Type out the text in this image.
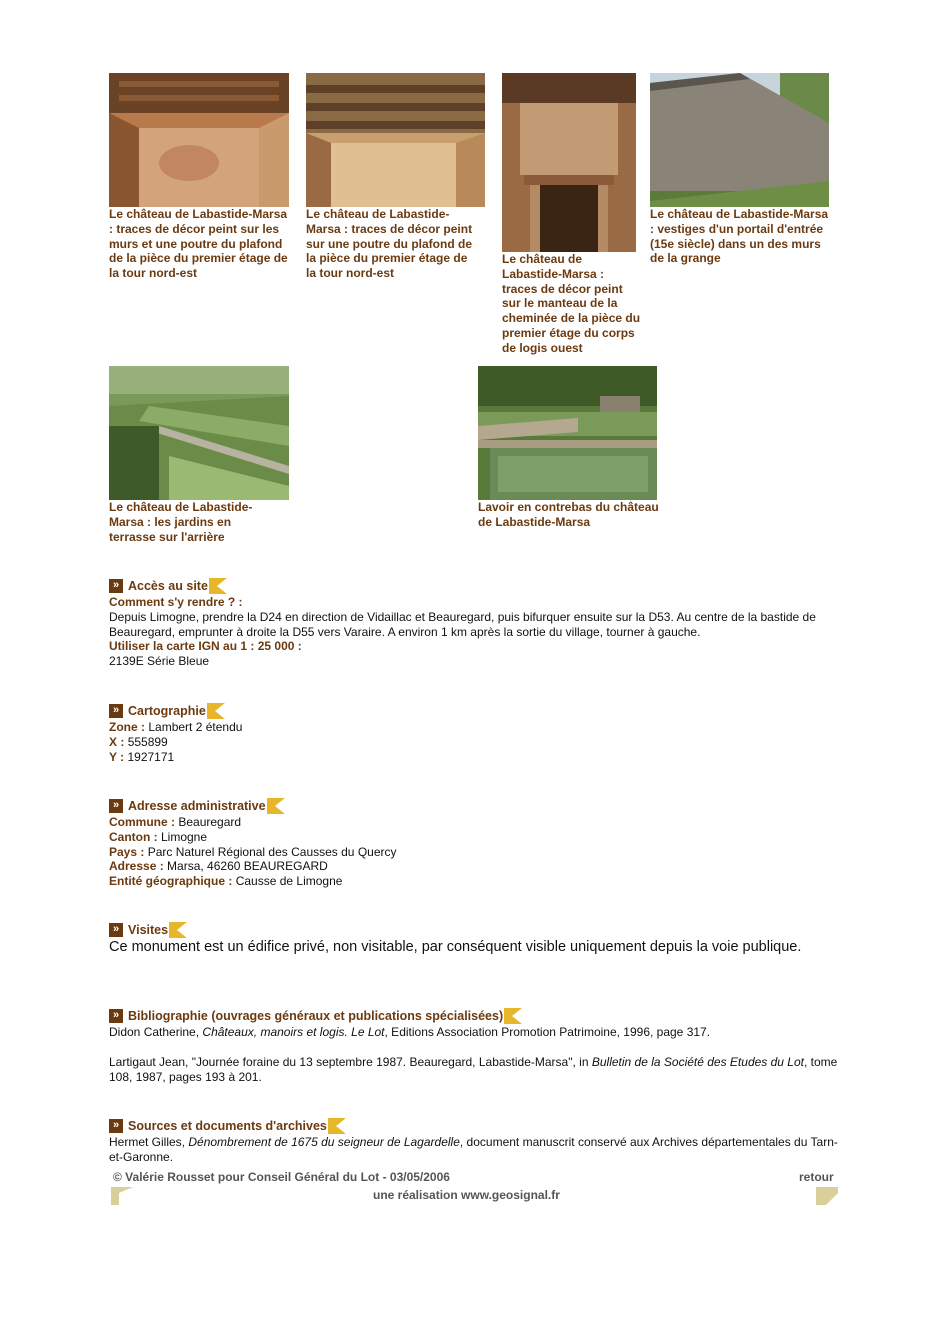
Le château de Labastide-Marsa : traces de décor peint sur les murs et une poutre du plafond de la pièce du premier étage de la tour nord-est
Le château de Labastide-Marsa : traces de décor peint sur une poutre du plafond de la pièce du premier étage de la tour nord-est
Le château de Labastide-Marsa : traces de décor peint sur le manteau de la cheminée de la pièce du premier étage du corps de logis ouest
Le château de Labastide-Marsa : vestiges d'un portail d'entrée (15e siècle) dans un des murs de la grange
Le château de Labastide-Marsa : les jardins en terrasse sur l'arrière
Lavoir en contrebas du château de Labastide-Marsa
» Accès au site
Comment s'y rendre ? :
Depuis Limogne, prendre la D24 en direction de Vidaillac et Beauregard, puis bifurquer ensuite sur la D53. Au centre de la bastide de Beauregard, emprunter à droite la D55 vers Varaire. A environ 1 km après la sortie du village, tourner à gauche.
Utiliser la carte IGN au 1 : 25 000 :
2139E Série Bleue
» Cartographie
Zone : Lambert 2 étendu
X : 555899
Y : 1927171
» Adresse administrative
Commune : Beauregard
Canton : Limogne
Pays : Parc Naturel Régional des Causses du Quercy
Adresse : Marsa, 46260 BEAUREGARD
Entité géographique : Causse de Limogne
» Visites
Ce monument est un édifice privé, non visitable, par conséquent visible uniquement depuis la voie publique.
» Bibliographie (ouvrages généraux et publications spécialisées)
Didon Catherine, Châteaux, manoirs et logis. Le Lot, Editions Association Promotion Patrimoine, 1996, page 317.
Lartigaut Jean, "Journée foraine du 13 septembre 1987. Beauregard, Labastide-Marsa", in Bulletin de la Société des Etudes du Lot, tome 108, 1987, pages 193 à 201.
» Sources et documents d'archives
Hermet Gilles, Dénombrement de 1675 du seigneur de Lagardelle, document manuscrit conservé aux Archives départementales du Tarn-et-Garonne.
© Valérie Rousset pour Conseil Général du Lot - 03/05/2006	retour
une réalisation www.geosignal.fr
